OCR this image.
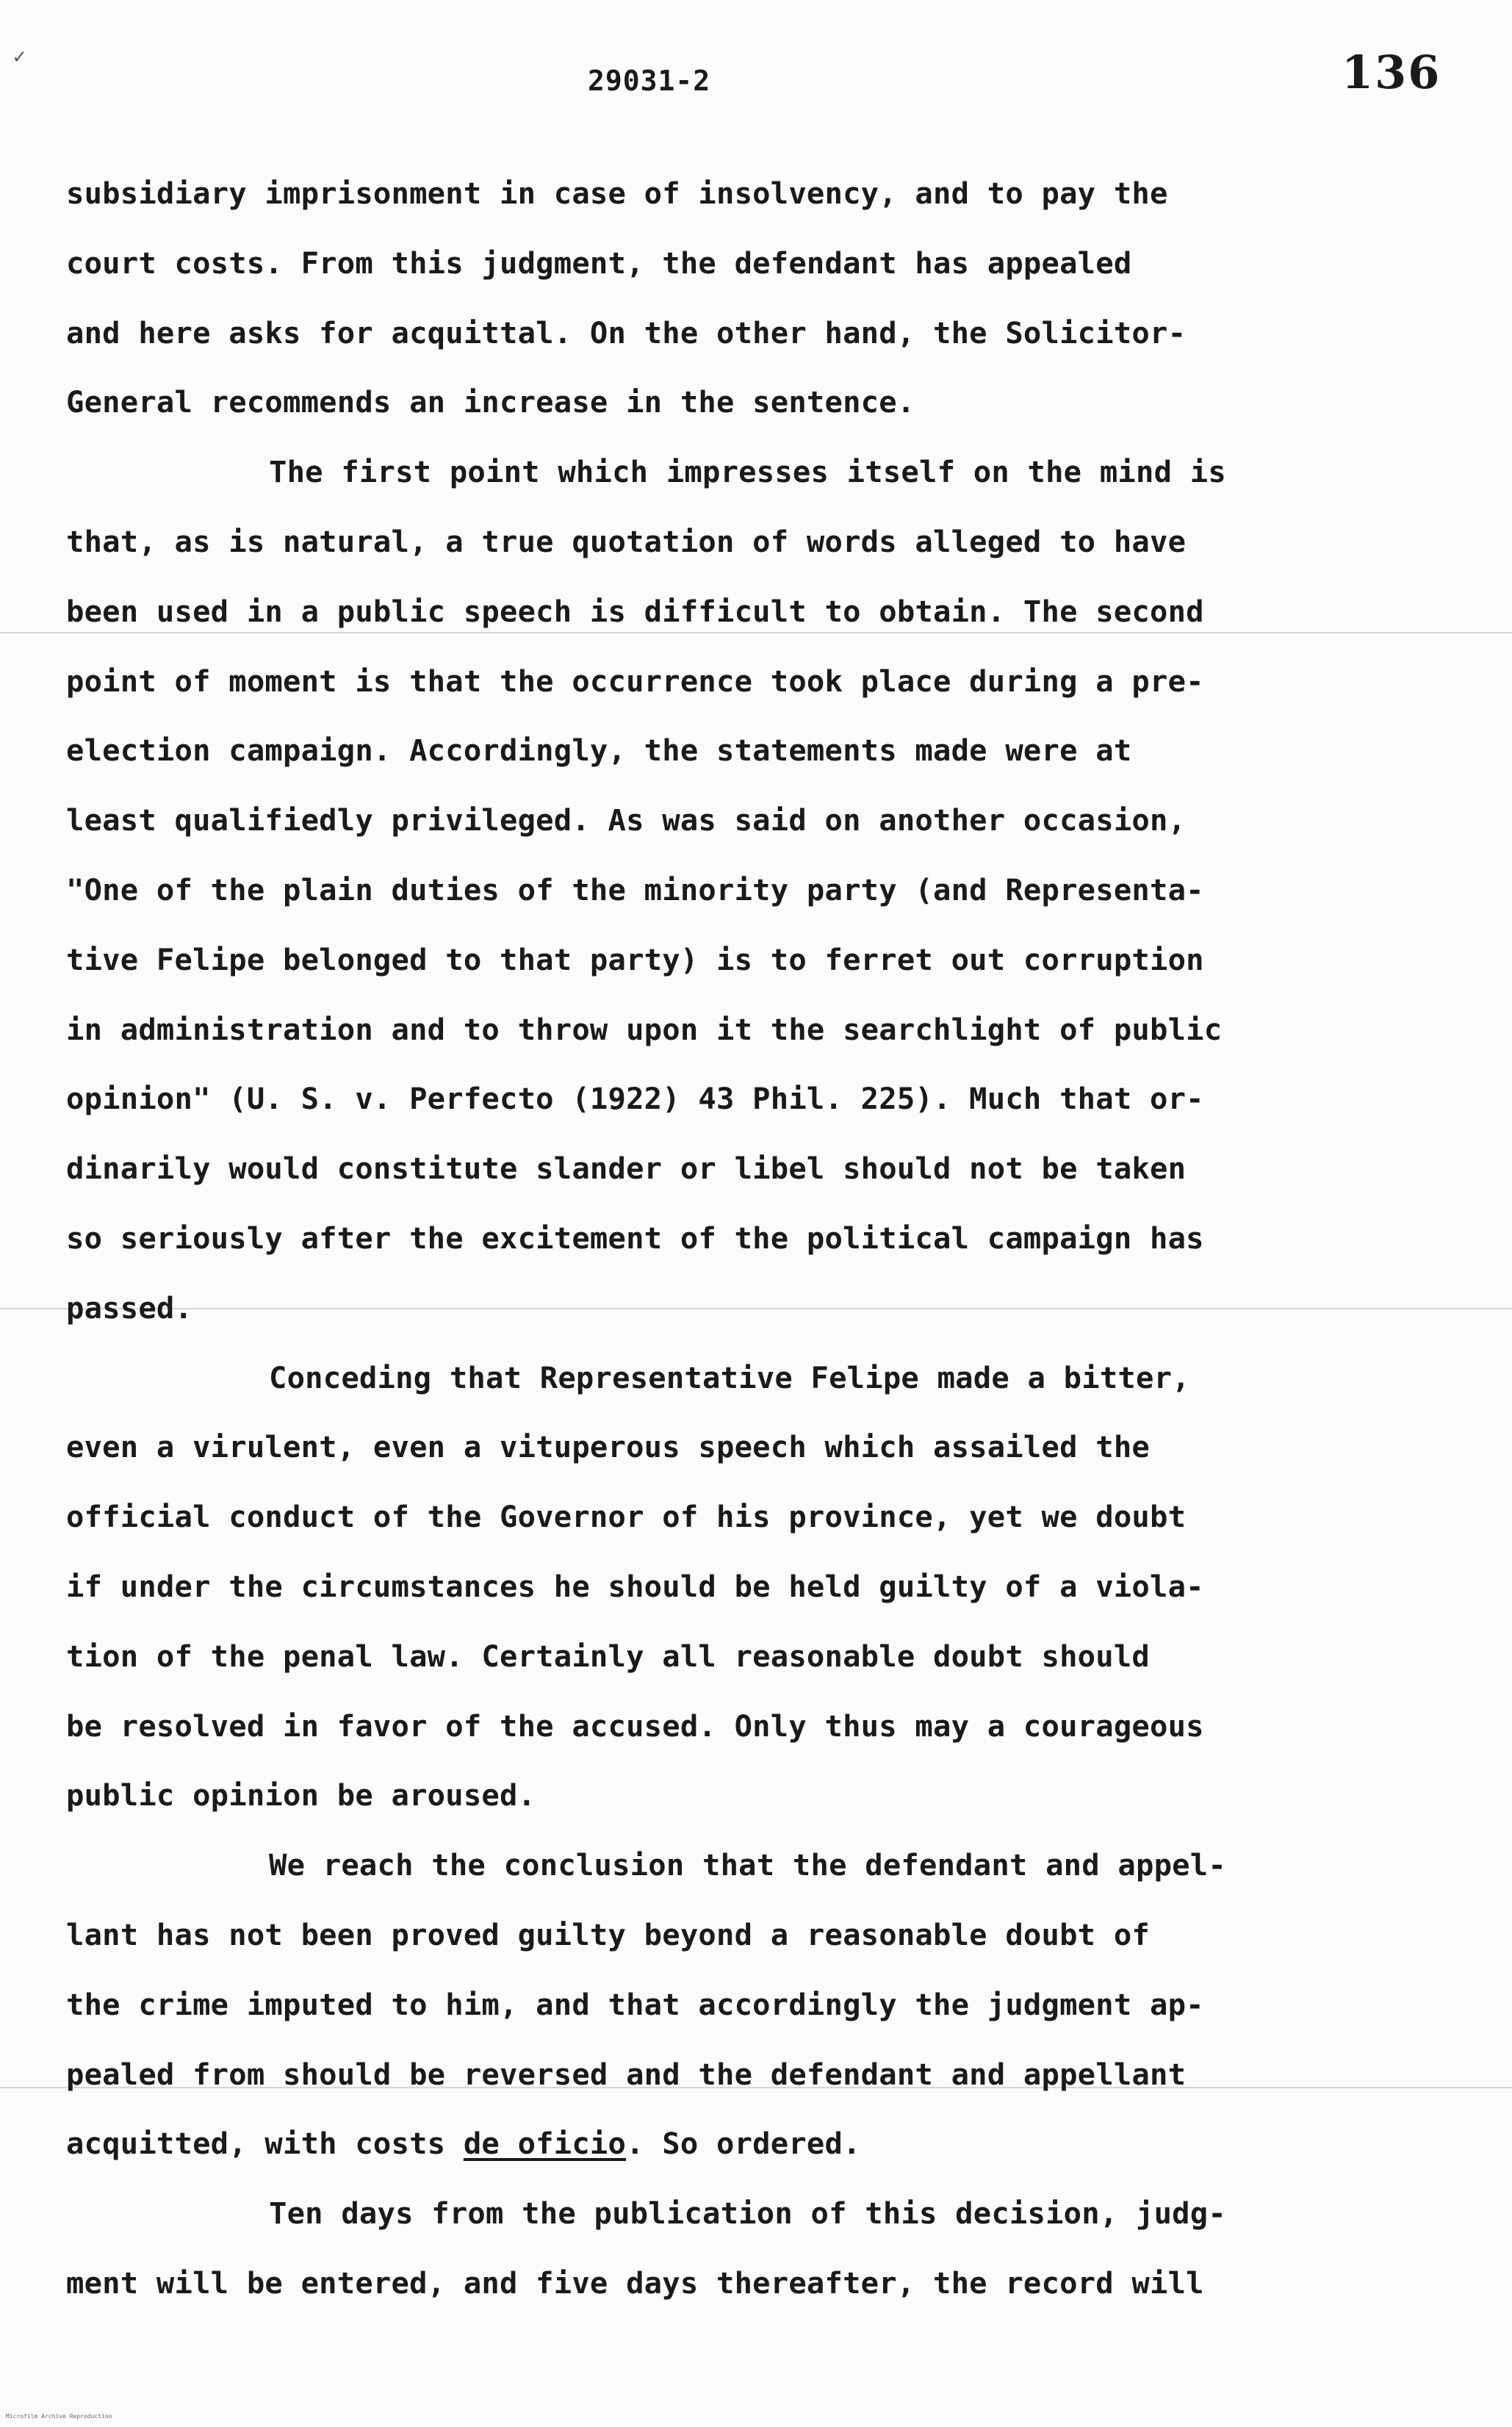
✓
29031-2	136
subsidiary imprisonment in case of insolvency, and to pay the
court costs. From this judgment, the defendant has appealed
and here asks for acquittal. On the other hand, the Solicitor-
General recommends an increase in the sentence.
The first point which impresses itself on the mind is
that, as is natural, a true quotation of words alleged to have
been used in a public speech is difficult to obtain. The second
point of moment is that the occurrence took place during a pre-
election campaign. Accordingly, the statements made were at
least qualifiedly privileged. As was said on another occasion,
"One of the plain duties of the minority party (and Representa-
tive Felipe belonged to that party) is to ferret out corruption
in administration and to throw upon it the searchlight of public
opinion" (U. S. v. Perfecto (1922) 43 Phil. 225). Much that or-
dinarily would constitute slander or libel should not be taken
so seriously after the excitement of the political campaign has
passed.
Conceding that Representative Felipe made a bitter,
even a virulent, even a vituperous speech which assailed the
official conduct of the Governor of his province, yet we doubt
if under the circumstances he should be held guilty of a viola-
tion of the penal law. Certainly all reasonable doubt should
be resolved in favor of the accused. Only thus may a courageous
public opinion be aroused.
We reach the conclusion that the defendant and appel-
lant has not been proved guilty beyond a reasonable doubt of
the crime imputed to him, and that accordingly the judgment ap-
pealed from should be reversed and the defendant and appellant
acquitted, with costs de oficio. So ordered.
Ten days from the publication of this decision, judg-
ment will be entered, and five days thereafter, the record will
Microfilm Archive Reproduction
